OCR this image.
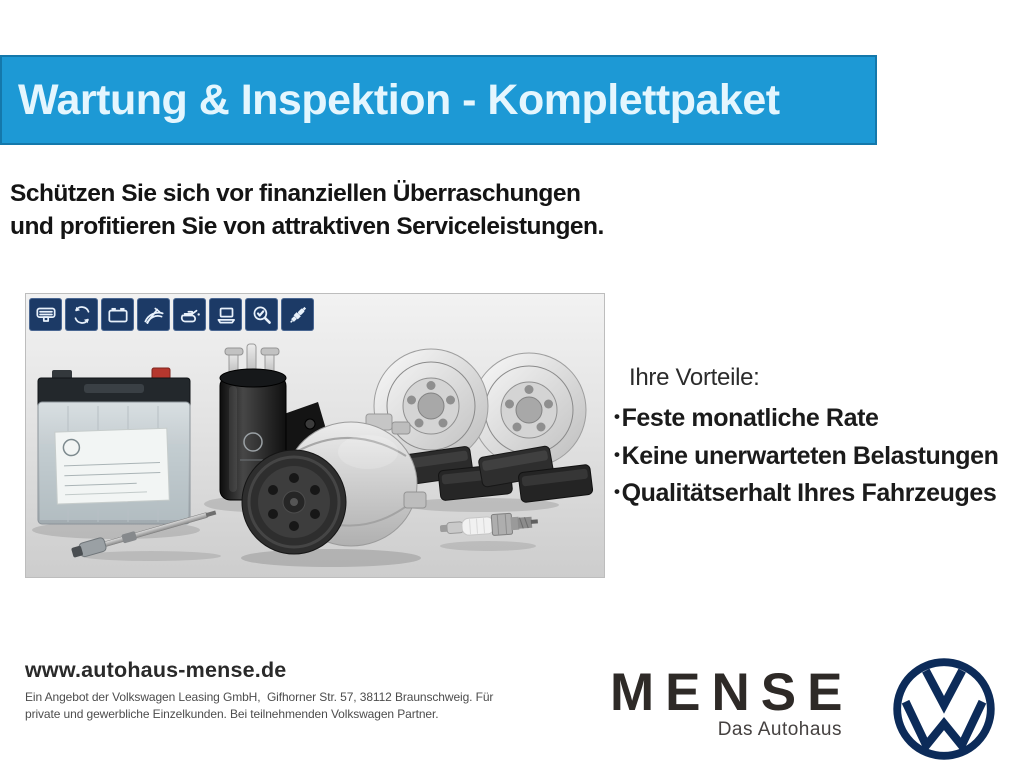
Wartung & Inspektion - Komplettpaket
Schützen Sie sich vor finanziellen Überraschungen
und profitieren Sie von attraktiven Serviceleistungen.
Ihre Vorteile:
•Feste monatliche Rate
•Keine unerwarteten Belastungen
•Qualitätserhalt Ihres Fahrzeuges
www.autohaus-mense.de
Ein Angebot der Volkswagen Leasing GmbH,  Gifhorner Str. 57, 38112 Braunschweig. Für
private und gewerbliche Einzelkunden. Bei teilnehmenden Volkswagen Partner.	MENSE
Das Autohaus
